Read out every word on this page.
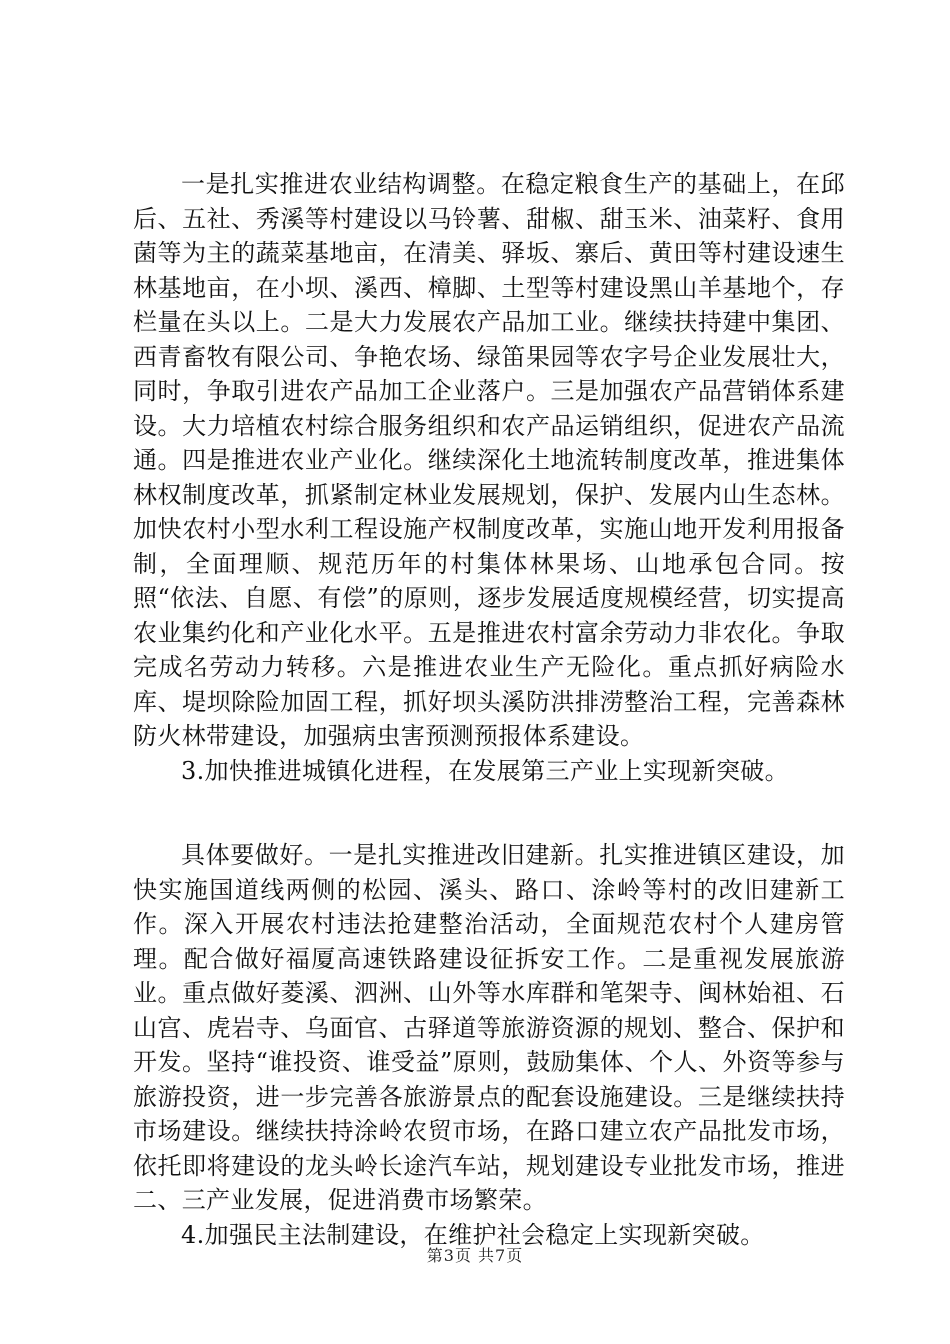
一是扎实推进农业结构调整。在稳定粮食生产的基础上，在邱后、五社、秀溪等村建设以马铃薯、甜椒、甜玉米、油菜籽、食用菌等为主的蔬菜基地亩，在清美、驿坂、寨后、黄田等村建设速生林基地亩，在小坝、溪西、樟脚、土型等村建设黑山羊基地个，存栏量在头以上。二是大力发展农产品加工业。继续扶持建中集团、西青畜牧有限公司、争艳农场、绿笛果园等农字号企业发展壮大，同时，争取引进农产品加工企业落户。三是加强农产品营销体系建设。大力培植农村综合服务组织和农产品运销组织，促进农产品流通。四是推进农业产业化。继续深化土地流转制度改革，推进集体林权制度改革，抓紧制定林业发展规划，保护、发展内山生态林。加快农村小型水利工程设施产权制度改革，实施山地开发利用报备制，全面理顺、规范历年的村集体林果场、山地承包合同。按照“依法、自愿、有偿”的原则，逐步发展适度规模经营，切实提高农业集约化和产业化水平。五是推进农村富余劳动力非农化。争取完成名劳动力转移。六是推进农业生产无险化。重点抓好病险水库、堤坝除险加固工程，抓好坝头溪防洪排涝整治工程，完善森林防火林带建设，加强病虫害预测预报体系建设。

3.加快推进城镇化进程，在发展第三产业上实现新突破。

具体要做好。一是扎实推进改旧建新。扎实推进镇区建设，加快实施国道线两侧的松园、溪头、路口、涂岭等村的改旧建新工作。深入开展农村违法抢建整治活动，全面规范农村个人建房管理。配合做好福厦高速铁路建设征拆安工作。二是重视发展旅游业。重点做好菱溪、泗洲、山外等水库群和笔架寺、闽林始祖、石山宫、虎岩寺、乌面官、古驿道等旅游资源的规划、整合、保护和开发。坚持“谁投资、谁受益”原则，鼓励集体、个人、外资等参与旅游投资，进一步完善各旅游景点的配套设施建设。三是继续扶持市场建设。继续扶持涂岭农贸市场，在路口建立农产品批发市场，依托即将建设的龙头岭长途汽车站，规划建设专业批发市场，推进二、三产业发展，促进消费市场繁荣。

4.加强民主法制建设，在维护社会稳定上实现新突破。

第3页 共7页
